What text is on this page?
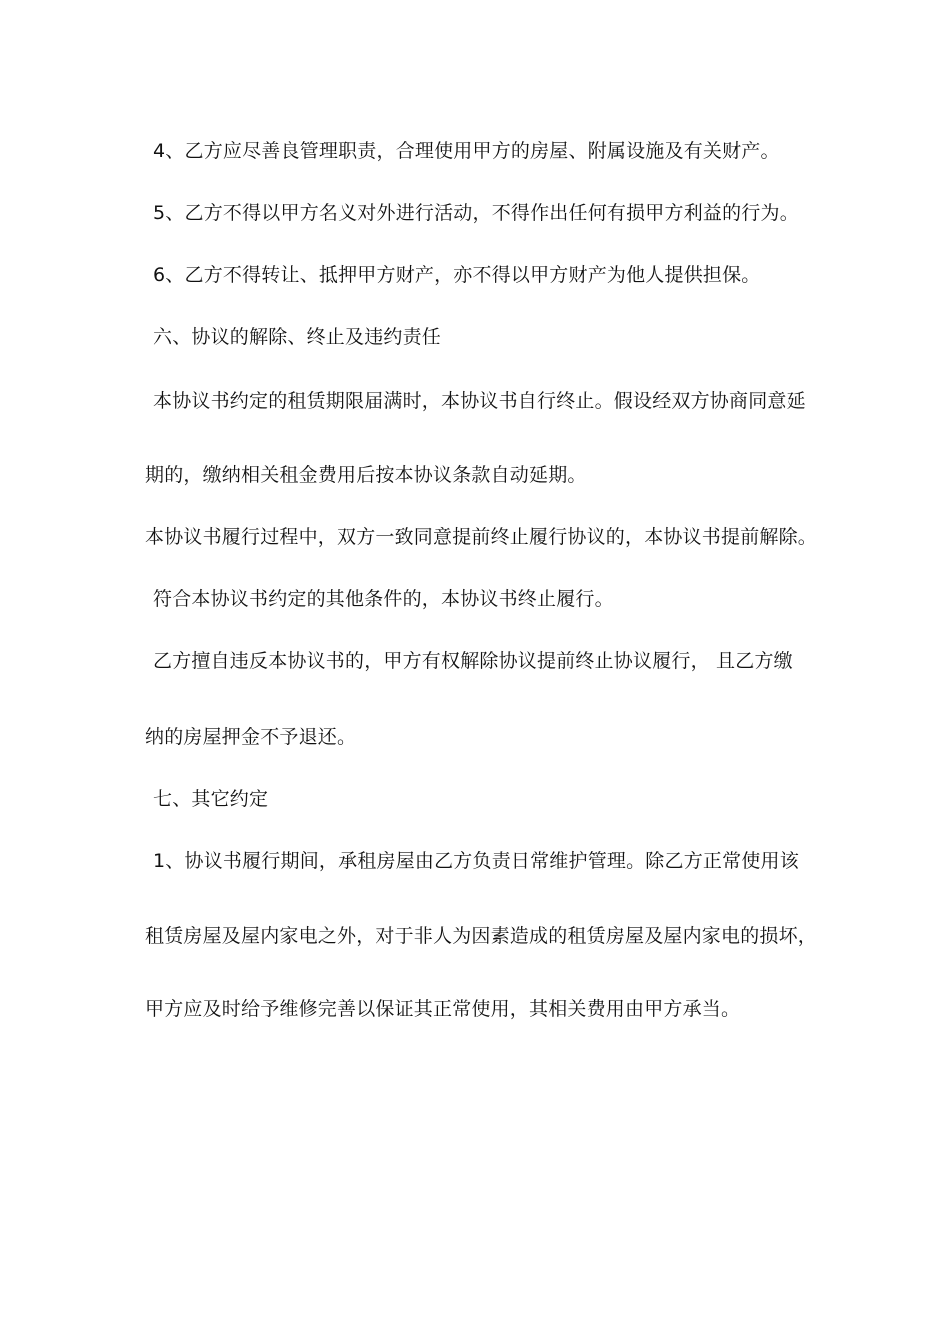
4、乙方应尽善良管理职责，合理使用甲方的房屋、附属设施及有关财产。
5、乙方不得以甲方名义对外进行活动，不得作出任何有损甲方利益的行为。
6、乙方不得转让、抵押甲方财产，亦不得以甲方财产为他人提供担保。
六、协议的解除、终止及违约责任
本协议书约定的租赁期限届满时，本协议书自行终止。假设经双方协商同意延
期的，缴纳相关租金费用后按本协议条款自动延期。
本协议书履行过程中，双方一致同意提前终止履行协议的，本协议书提前解除。
符合本协议书约定的其他条件的，本协议书终止履行。
乙方擅自违反本协议书的，甲方有权解除协议提前终止协议履行， 且乙方缴
纳的房屋押金不予退还。
七、其它约定
1、协议书履行期间，承租房屋由乙方负责日常维护管理。除乙方正常使用该
租赁房屋及屋内家电之外，对于非人为因素造成的租赁房屋及屋内家电的损坏，
甲方应及时给予维修完善以保证其正常使用，其相关费用由甲方承当。
